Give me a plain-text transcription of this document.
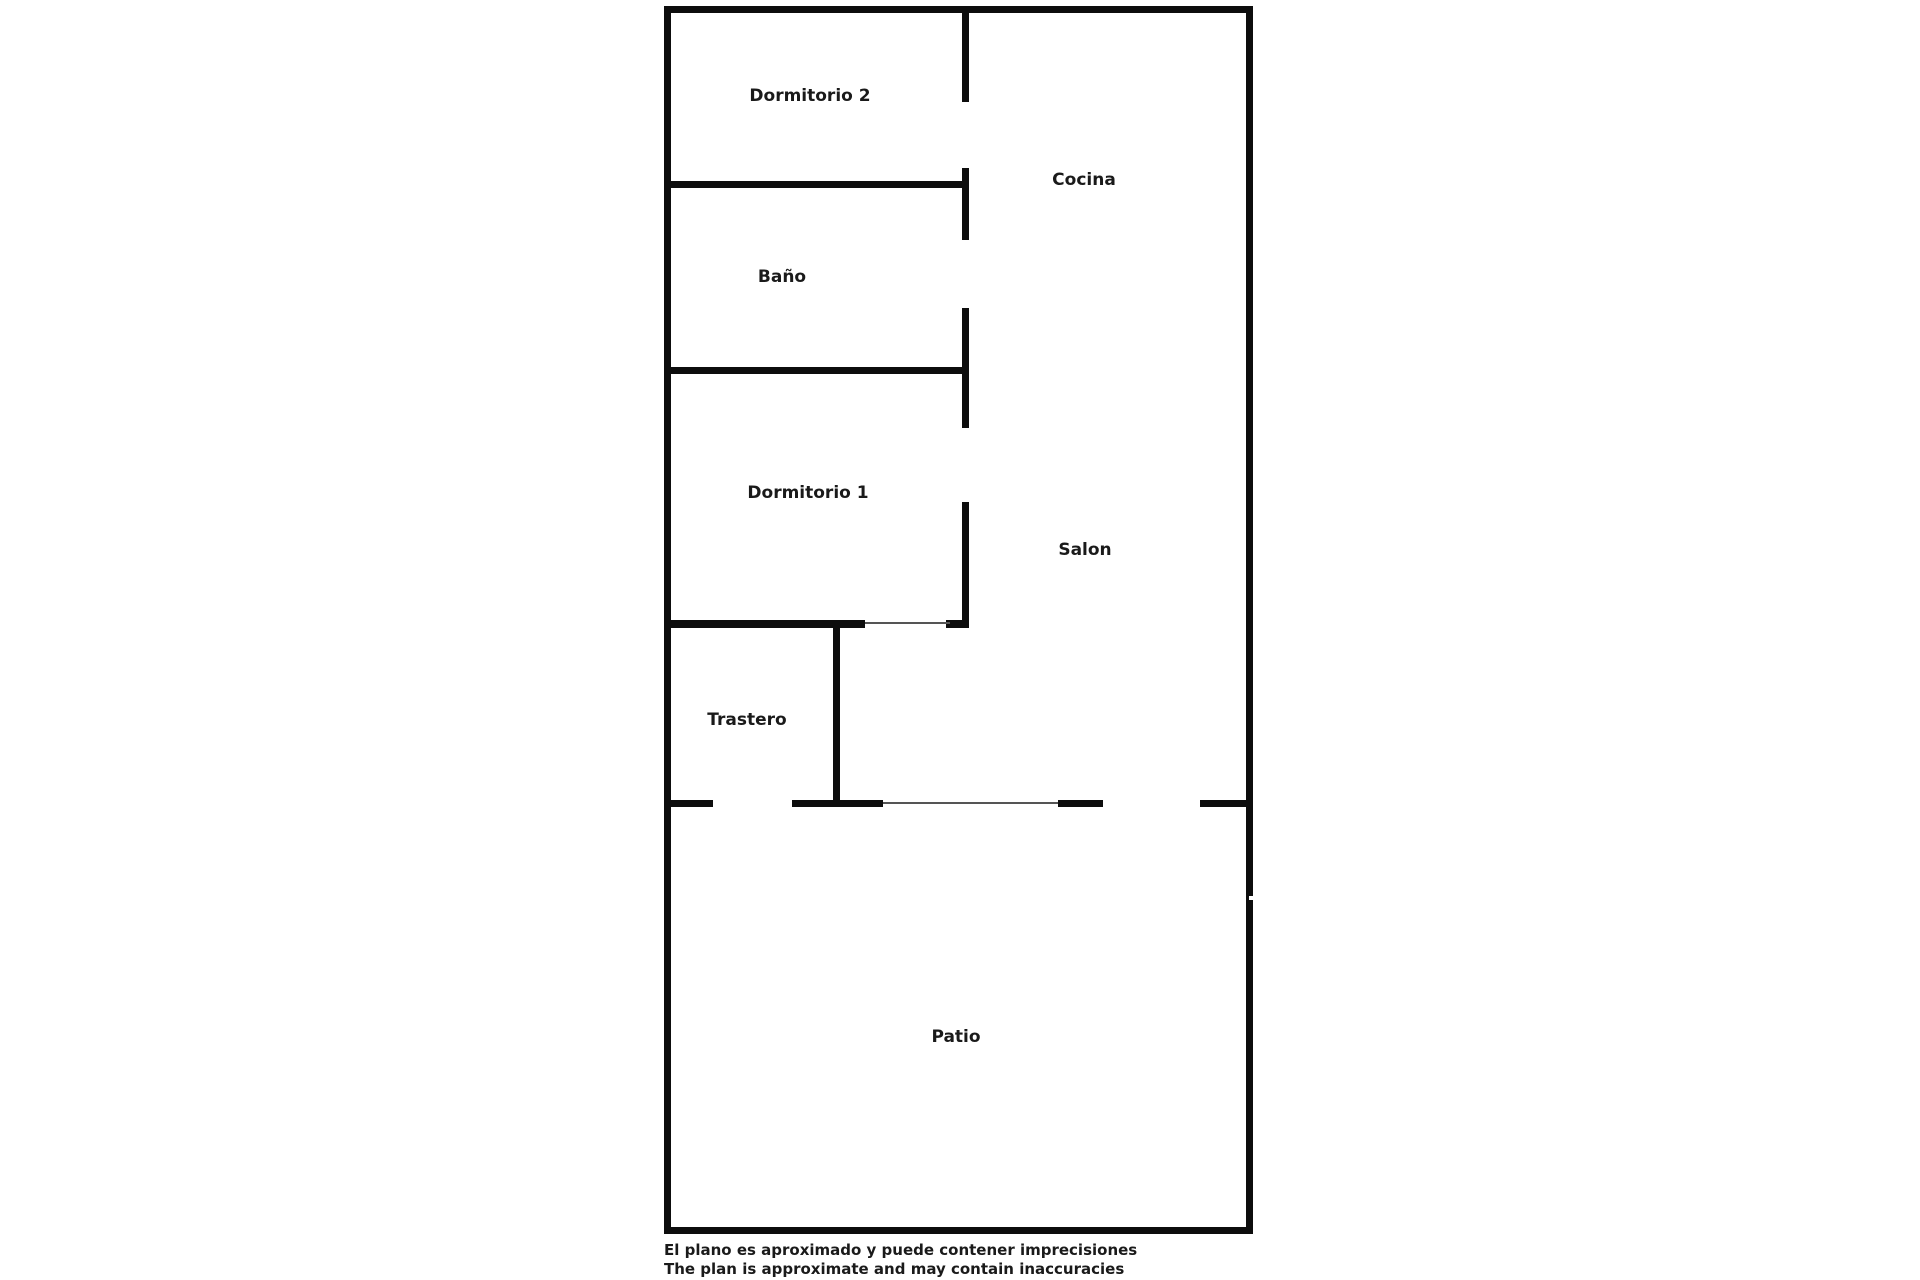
El plano es aproximado y puede contener imprecisiones
The plan is approximate and may contain inaccuracies
Dormitorio 2
Cocina
Baño
Dormitorio 1
Salon
Trastero
Patio
